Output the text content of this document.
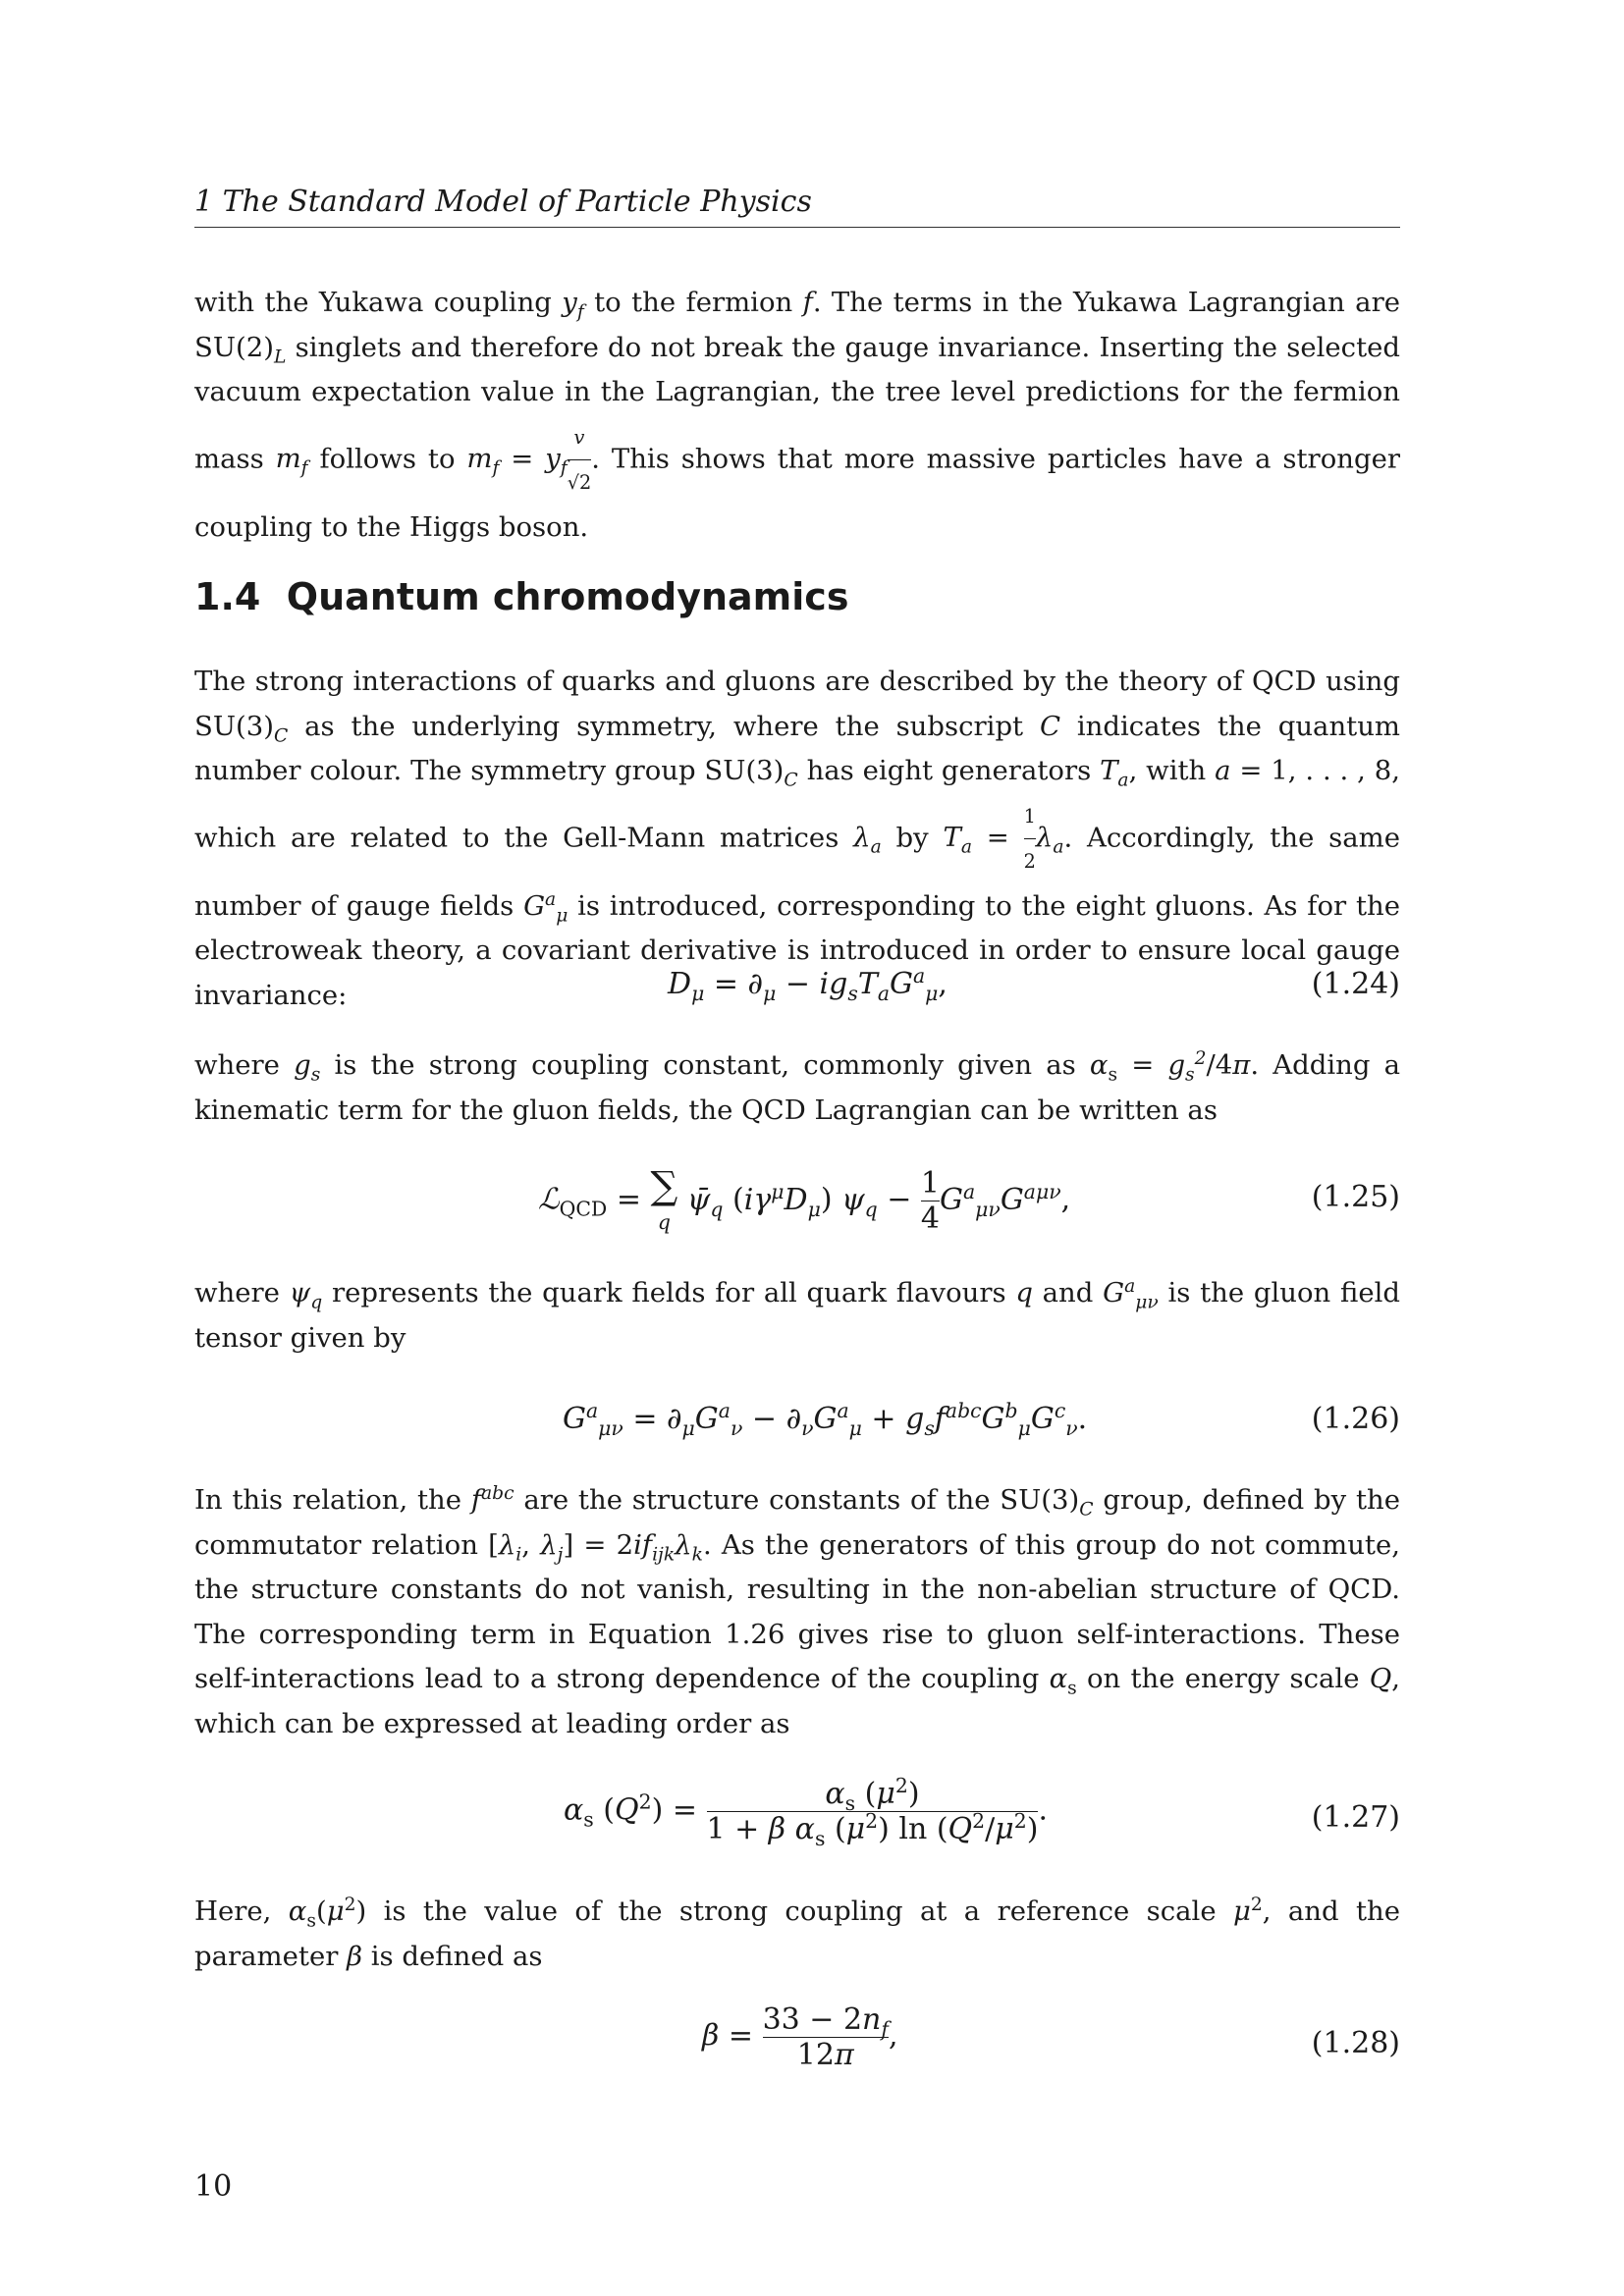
1 The Standard Model of Particle Physics
with the Yukawa coupling $y_f$ to the fermion f. The terms in the Yukawa Lagrangian are $SU(2)_L$ singlets and therefore do not break the gauge invariance. Inserting the selected vacuum expectation value in the Lagrangian, the tree level predictions for the fermion mass $m_f$ follows to $m_f = y_f \frac{v}{√2}$ . This shows that more massive particles have a stronger coupling to the Higgs boson.
1.4 Quantum chromodynamics
The strong interactions of quarks and gluons are described by the theory of QCD using $SU(3)_C$ as the underlying symmetry, where the subscript C indicates the quantum number colour. The symmetry group $SU(3)_C$ has eight generators $T_a$, with a = 1, . . . , 8, which are related to the Gell-Mann matrices $\lambda_a$ by $T_a = \frac{1}{2} \lambda_a$. Accordingly, the same number of gauge fields $G^a_\mu$ is introduced, corresponding to the eight gluons. As for the electroweak theory, a covariant derivative is introduced in order to ensure local gauge invariance:	$D_\mu = \partial_\mu - ig_sT_aG^a_\mu$,	(1.24)
where $g_s$ is the strong coupling constant, commonly given as $\alpha_s = g_s^2/4\pi$. Adding a kinematic term for the gluon fields, the QCD Lagrangian can be written as
ℒ$_{QCD}$ = ∑
q $\psī_q$ $(i\gamma^\mu D_\mu) \psi_q - \frac{1}{4} G^a_{\mu\nu}G^{a\mu\nu}$,	(1.25)
where $\psi_q$ represents the quark fields for all quark flavours q and $G^a_{\mu\nu}$ is the gluon field tensor given by
$G^a_{\mu\nu} = \partial_\mu G^a_\nu - \partial_\nu G^a_\mu + g_sf^{abc}G^b_\mu G^c_\nu$.	(1.26)
In this relation, the $f^{abc}$ are the structure constants of the $SU(3)_C$ group, defined by the commutator relation [$\lambda_i$, $\lambda_j] = 2if_{ijk}\lambda_k$. As the generators of this group do not commute, the structure constants do not vanish, resulting in the non-abelian structure of QCD. The corresponding term in Equation 1.26 gives rise to gluon self-interactions. These self-interactions lead to a strong dependence of the coupling $\alpha_s$ on the energy scale Q, which can be expressed at leading order as
$\alpha_s$ $(Q^2) = \frac{\alpha_s (\mu^2)}{1 + \beta \alpha_s (\mu^2) \ln (Q^2/\mu^2)}$ .	(1.27)
Here, $\alpha_s(\mu^2)$ is the value of the strong coupling at a reference scale $\mu^2$, and the parameter β is defined as
$\beta = \frac{33 - 2n_f}{12\pi}$ ,	(1.28)
10
